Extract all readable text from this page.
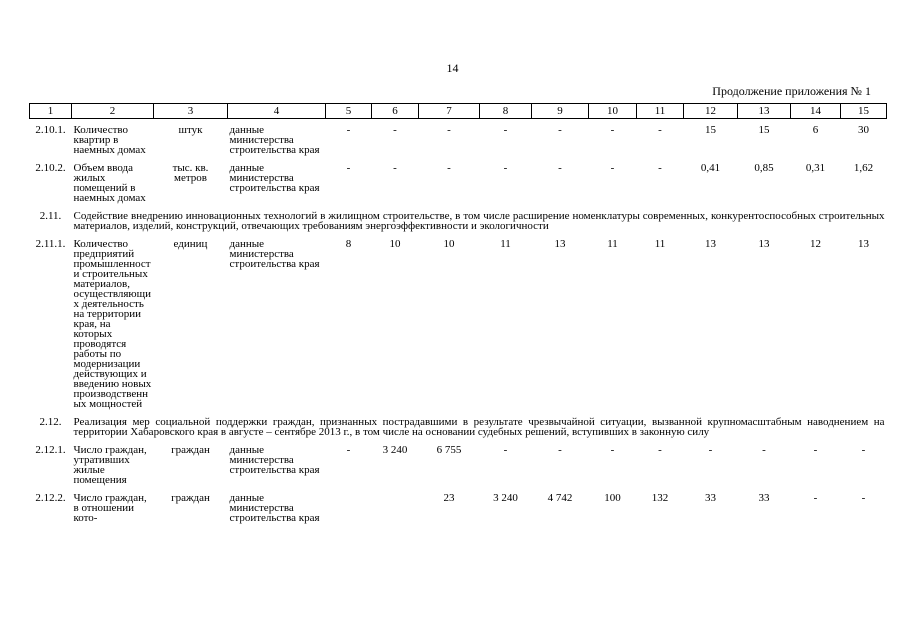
14
Продолжение приложения № 1
1	2	3	4	5	6	7	8	9	10	11	12	13	14	15
2.10.1.	Количество квартир в наемных домах	штук	данные министерства строительства края	-	-	-	-	-	-	-	15	15	6	30
2.10.2.	Объем ввода жилых помещений в наемных домах	тыс. кв. метров	данные министерства строительства края	-	-	-	-	-	-	-	0,41	0,85	0,31	1,62
2.11.	Содействие внедрению инновационных технологий в жилищном строительстве, в том числе расширение номенклатуры современных, конкурентоспособных строительных материалов, изделий, конструкций, отвечающих требованиям энергоэффективности и экологичности													
2.11.1.	Количество предприятий промышленности строительных материалов, осуществляющих деятельность на территории края, на которых проводятся работы по модернизации действующих и введению новых производственных мощностей	единиц	данные министерства строительства края	8	10	10	11	13	11	11	13	13	12	13
2.12.	Реализация мер социальной поддержки граждан, признанных пострадавшими в результате чрезвычайной ситуации, вызванной крупномасштабным наводнением на территории Хабаровского края в августе – сентябре 2013 г., в том числе на основании судебных решений, вступивших в законную силу													
2.12.1.	Число граждан, утративших жилые помещения	граждан	данные министерства строительства края	-	3 240	6 755	-	-	-	-	-	-	-	-
2.12.2.	Число граждан, в отношении кото-	граждан	данные министерства строительства края			23	3 240	4 742	100	132	33	33	-	-
